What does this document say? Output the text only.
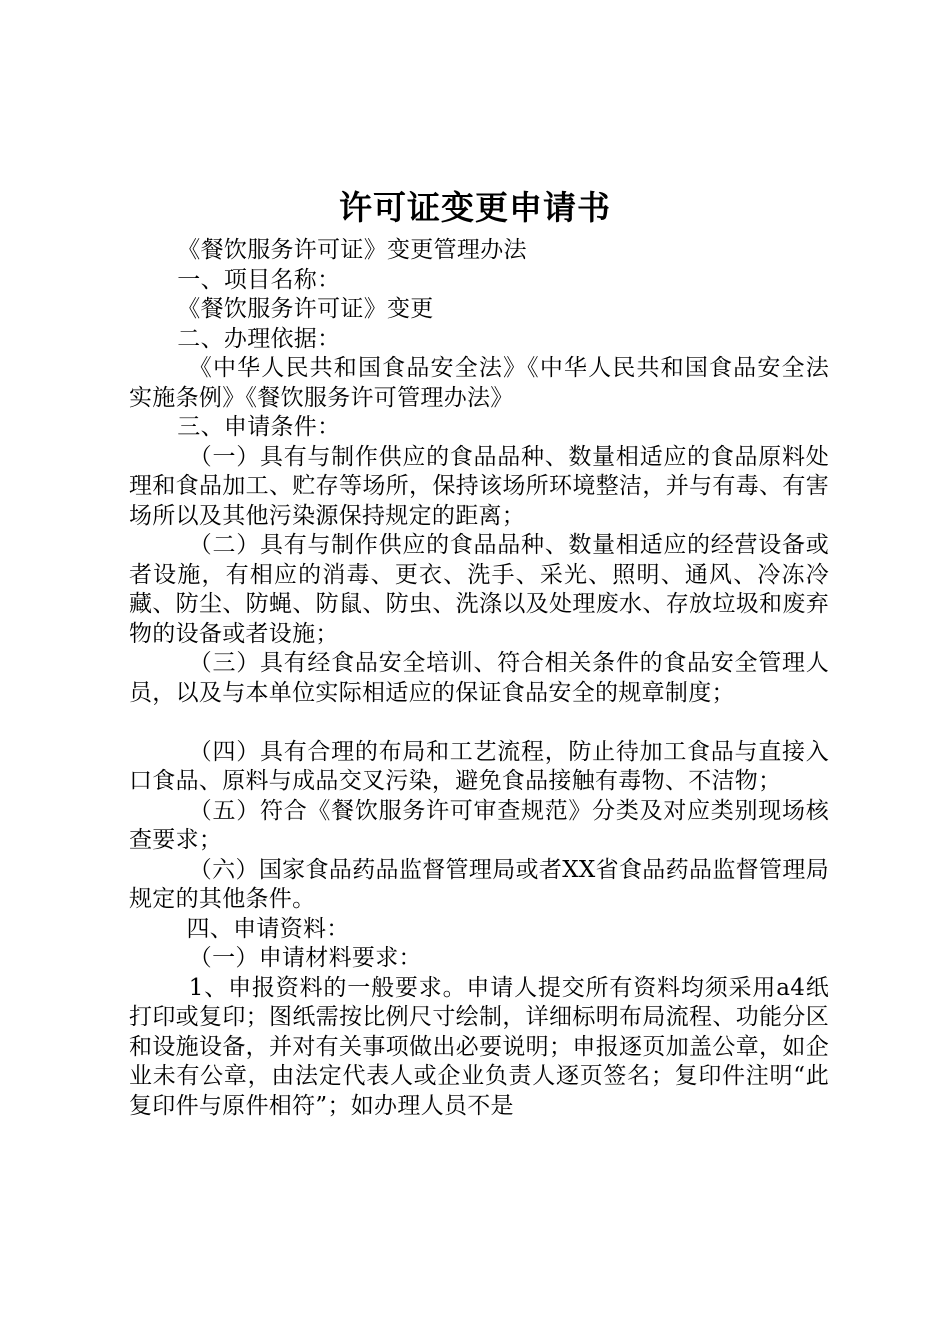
许可证变更申请书

《餐饮服务许可证》变更管理办法

一、项目名称：

《餐饮服务许可证》变更

二、办理依据：

《中华人民共和国食品安全法》《中华人民共和国食品安全法实施条例》《餐饮服务许可管理办法》

三、申请条件：

（一）具有与制作供应的食品品种、数量相适应的食品原料处理和食品加工、贮存等场所，保持该场所环境整洁，并与有毒、有害场所以及其他污染源保持规定的距离；

（二）具有与制作供应的食品品种、数量相适应的经营设备或者设施，有相应的消毒、更衣、洗手、采光、照明、通风、冷冻冷藏、防尘、防蝇、防鼠、防虫、洗涤以及处理废水、存放垃圾和废弃物的设备或者设施；

（三）具有经食品安全培训、符合相关条件的食品安全管理人员，以及与本单位实际相适应的保证食品安全的规章制度；

（四）具有合理的布局和工艺流程，防止待加工食品与直接入口食品、原料与成品交叉污染，避免食品接触有毒物、不洁物；

（五）符合《餐饮服务许可审查规范》分类及对应类别现场核查要求；

（六）国家食品药品监督管理局或者XX省食品药品监督管理局规定的其他条件。

四、申请资料：

（一）申请材料要求：

1、申报资料的一般要求。申请人提交所有资料均须采用a4纸打印或复印；图纸需按比例尺寸绘制，详细标明布局流程、功能分区和设施设备，并对有关事项做出必要说明；申报逐页加盖公章，如企业未有公章，由法定代表人或企业负责人逐页签名；复印件注明“此复印件与原件相符”；如办理人员不是
